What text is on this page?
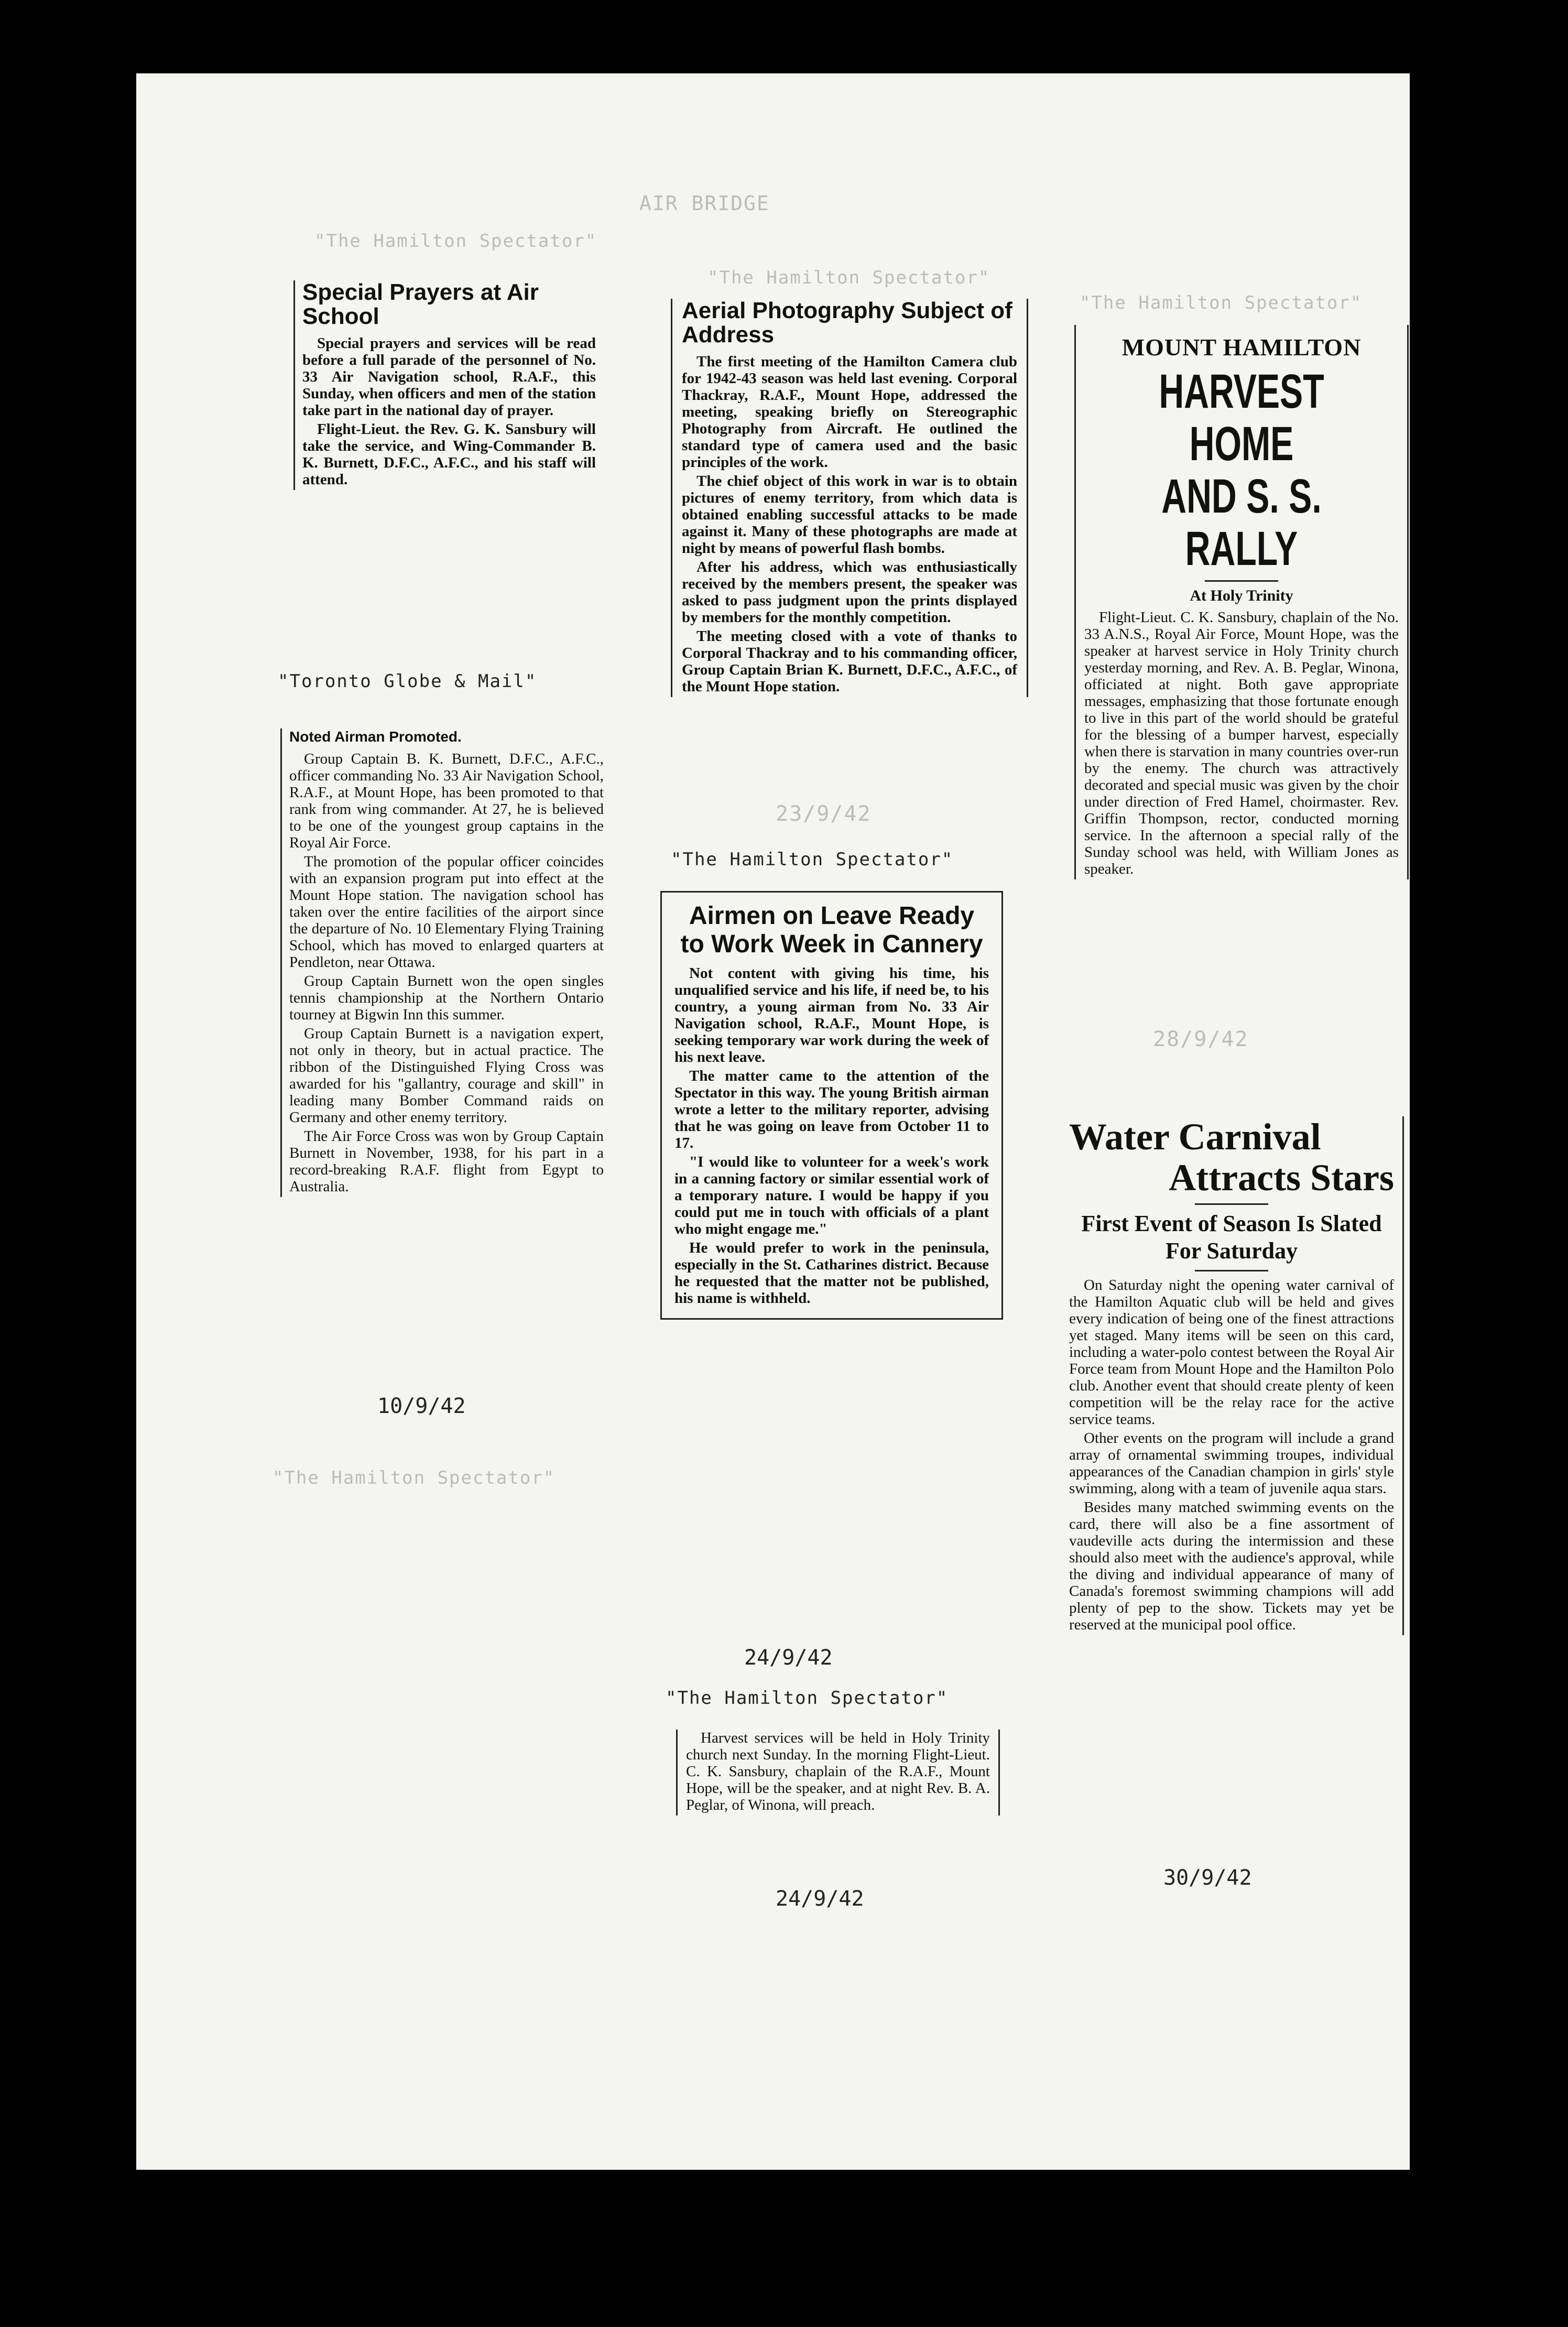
AIR BRIDGE
"The Hamilton Spectator"
Special Prayers at Air School

Special prayers and services will be read before a full parade of the personnel of No. 33 Air Navigation school, R.A.F., this Sunday, when officers and men of the station take part in the national day of prayer.

Flight-Lieut. the Rev. G. K. Sansbury will take the service, and Wing-Commander B. K. Burnett, D.F.C., A.F.C., and his staff will attend.

"Toronto Globe & Mail"
Noted Airman Promoted.

Group Captain B. K. Burnett, D.F.C., A.F.C., officer commanding No. 33 Air Navigation School, R.A.F., at Mount Hope, has been promoted to that rank from wing commander. At 27, he is believed to be one of the youngest group captains in the Royal Air Force.

The promotion of the popular officer coincides with an expansion program put into effect at the Mount Hope station. The navigation school has taken over the entire facilities of the airport since the departure of No. 10 Elementary Flying Training School, which has moved to enlarged quarters at Pendleton, near Ottawa.

Group Captain Burnett won the open singles tennis championship at the Northern Ontario tourney at Bigwin Inn this summer.

Group Captain Burnett is a navigation expert, not only in theory, but in actual practice. The ribbon of the Distinguished Flying Cross was awarded for his "gallantry, courage and skill" in leading many Bomber Command raids on Germany and other enemy territory.

The Air Force Cross was won by Group Captain Burnett in November, 1938, for his part in a record-breaking R.A.F. flight from Egypt to Australia.

10/9/42
"The Hamilton Spectator"
"The Hamilton Spectator"
Aerial Photography Subject of Address

The first meeting of the Hamilton Camera club for 1942-43 season was held last evening. Corporal Thackray, R.A.F., Mount Hope, addressed the meeting, speaking briefly on Stereographic Photography from Aircraft. He outlined the standard type of camera used and the basic principles of the work.

The chief object of this work in war is to obtain pictures of enemy territory, from which data is obtained enabling successful attacks to be made against it. Many of these photographs are made at night by means of powerful flash bombs.

After his address, which was enthusiastically received by the members present, the speaker was asked to pass judgment upon the prints displayed by members for the monthly competition.

The meeting closed with a vote of thanks to Corporal Thackray and to his commanding officer, Group Captain Brian K. Burnett, D.F.C., A.F.C., of the Mount Hope station.

23/9/42
"The Hamilton Spectator"
Airmen on Leave Ready to Work Week in Cannery

Not content with giving his time, his unqualified service and his life, if need be, to his country, a young airman from No. 33 Air Navigation school, R.A.F., Mount Hope, is seeking temporary war work during the week of his next leave.

The matter came to the attention of the Spectator in this way. The young British airman wrote a letter to the military reporter, advising that he was going on leave from October 11 to 17.

"I would like to volunteer for a week's work in a canning factory or similar essential work of a temporary nature. I would be happy if you could put me in touch with officials of a plant who might engage me."

He would prefer to work in the peninsula, especially in the St. Catharines district. Because he requested that the matter not be published, his name is withheld.

24/9/42
"The Hamilton Spectator"

Harvest services will be held in Holy Trinity church next Sunday. In the morning Flight-Lieut. C. K. Sansbury, chaplain of the R.A.F., Mount Hope, will be the speaker, and at night Rev. B. A. Peglar, of Winona, will preach.

24/9/42
"The Hamilton Spectator"
MOUNT HAMILTON
HARVEST HOME
AND S. S. RALLY
At Holy Trinity

Flight-Lieut. C. K. Sansbury, chaplain of the No. 33 A.N.S., Royal Air Force, Mount Hope, was the speaker at harvest service in Holy Trinity church yesterday morning, and Rev. A. B. Peglar, Winona, officiated at night. Both gave appropriate messages, emphasizing that those fortunate enough to live in this part of the world should be grateful for the blessing of a bumper harvest, especially when there is starvation in many countries over-run by the enemy. The church was attractively decorated and special music was given by the choir under direction of Fred Hamel, choirmaster. Rev. Griffin Thompson, rector, conducted morning service. In the afternoon a special rally of the Sunday school was held, with William Jones as speaker.

28/9/42
Water Carnival
Attracts Stars
First Event of Season Is Slated For Saturday

On Saturday night the opening water carnival of the Hamilton Aquatic club will be held and gives every indication of being one of the finest attractions yet staged. Many items will be seen on this card, including a water-polo contest between the Royal Air Force team from Mount Hope and the Hamilton Polo club. Another event that should create plenty of keen competition will be the relay race for the active service teams.

Other events on the program will include a grand array of ornamental swimming troupes, individual appearances of the Canadian champion in girls' style swimming, along with a team of juvenile aqua stars.

Besides many matched swimming events on the card, there will also be a fine assortment of vaudeville acts during the intermission and these should also meet with the audience's approval, while the diving and individual appearance of many of Canada's foremost swimming champions will add plenty of pep to the show. Tickets may yet be reserved at the municipal pool office.

30/9/42
